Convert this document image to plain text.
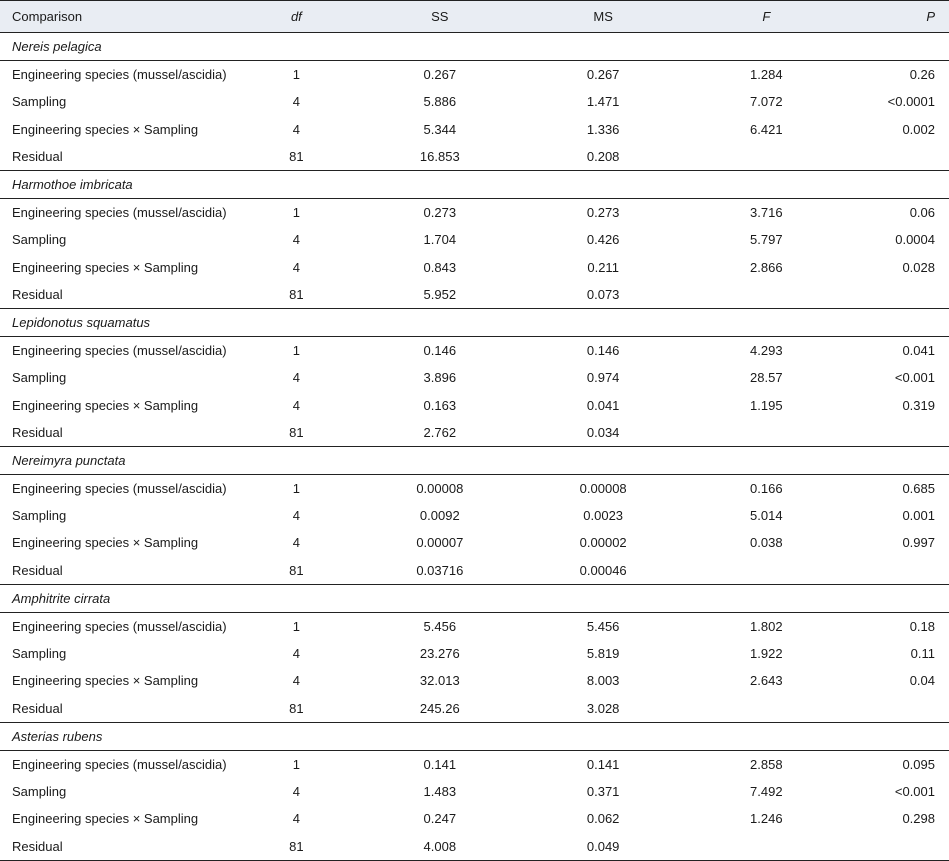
Comparison	df	SS	MS	F	P
Nereis pelagica					
Engineering species (mussel/ascidia)	1	0.267	0.267	1.284	0.26
Sampling	4	5.886	1.471	7.072	<0.0001
Engineering species × Sampling	4	5.344	1.336	6.421	0.002
Residual	81	16.853	0.208		
Harmothoe imbricata					
Engineering species (mussel/ascidia)	1	0.273	0.273	3.716	0.06
Sampling	4	1.704	0.426	5.797	0.0004
Engineering species × Sampling	4	0.843	0.211	2.866	0.028
Residual	81	5.952	0.073		
Lepidonotus squamatus					
Engineering species (mussel/ascidia)	1	0.146	0.146	4.293	0.041
Sampling	4	3.896	0.974	28.57	<0.001
Engineering species × Sampling	4	0.163	0.041	1.195	0.319
Residual	81	2.762	0.034		
Nereimyra punctata					
Engineering species (mussel/ascidia)	1	0.00008	0.00008	0.166	0.685
Sampling	4	0.0092	0.0023	5.014	0.001
Engineering species × Sampling	4	0.00007	0.00002	0.038	0.997
Residual	81	0.03716	0.00046		
Amphitrite cirrata					
Engineering species (mussel/ascidia)	1	5.456	5.456	1.802	0.18
Sampling	4	23.276	5.819	1.922	0.11
Engineering species × Sampling	4	32.013	8.003	2.643	0.04
Residual	81	245.26	3.028		
Asterias rubens					
Engineering species (mussel/ascidia)	1	0.141	0.141	2.858	0.095
Sampling	4	1.483	0.371	7.492	<0.001
Engineering species × Sampling	4	0.247	0.062	1.246	0.298
Residual	81	4.008	0.049		
